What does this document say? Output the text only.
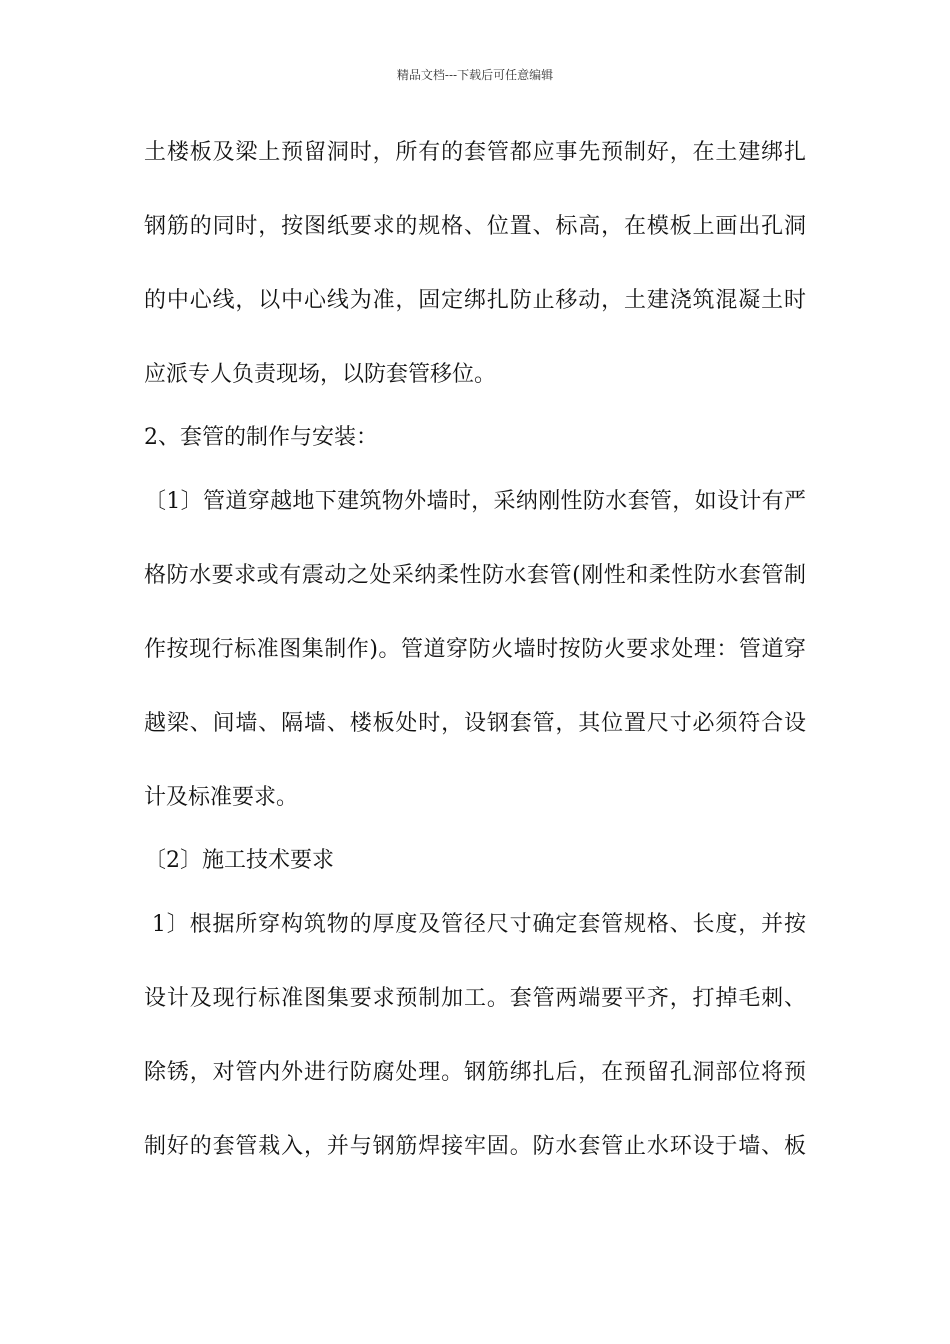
精品文档---下载后可任意编辑
土楼板及梁上预留洞时，所有的套管都应事先预制好，在土建绑扎
钢筋的同时，按图纸要求的规格、位置、标高，在模板上画出孔洞
的中心线，以中心线为准，固定绑扎防止移动，土建浇筑混凝土时
应派专人负责现场，以防套管移位。
2、套管的制作与安装：
〔1〕管道穿越地下建筑物外墙时，采纳刚性防水套管，如设计有严
格防水要求或有震动之处采纳柔性防水套管(刚性和柔性防水套管制
作按现行标准图集制作)。管道穿防火墙时按防火要求处理：管道穿
越梁、间墙、隔墙、楼板处时，设钢套管，其位置尺寸必须符合设
计及标准要求。
〔2〕施工技术要求
1〕根据所穿构筑物的厚度及管径尺寸确定套管规格、长度，并按
设计及现行标准图集要求预制加工。套管两端要平齐，打掉毛刺、
除锈，对管内外进行防腐处理。钢筋绑扎后，在预留孔洞部位将预
制好的套管栽入，并与钢筋焊接牢固。防水套管止水环设于墙、板
